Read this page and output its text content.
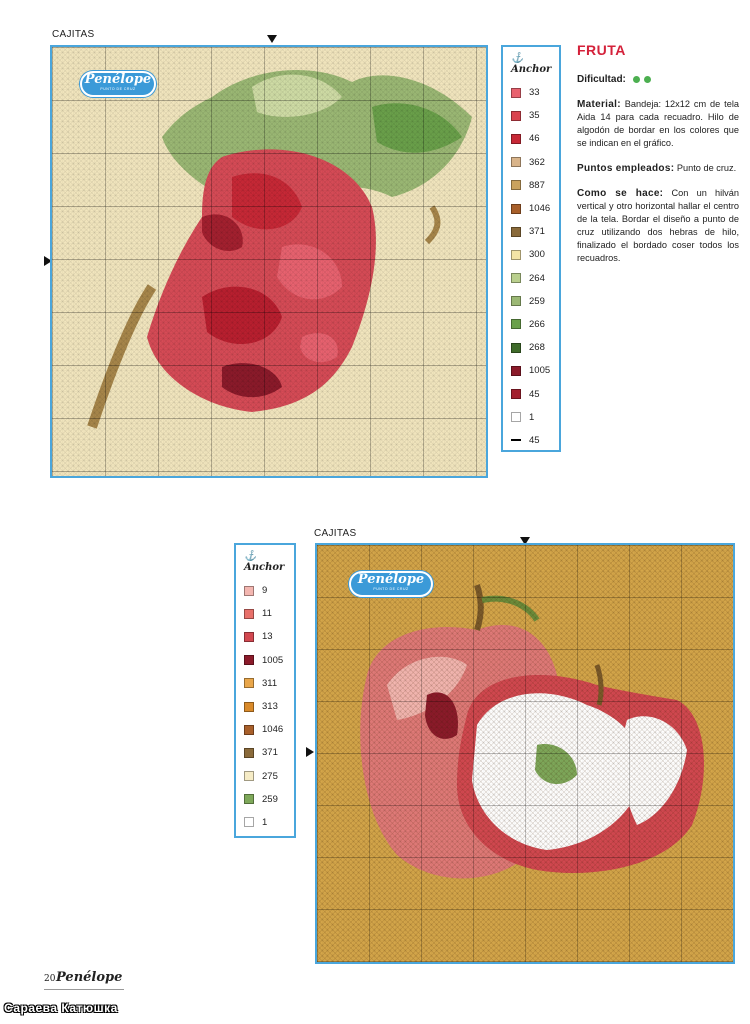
CAJITAS
Penélope
PUNTO DE CRUZ
⚓ Anchor
33
35
46
362
887
1046
371
300
264
259
266
268
1005
45
1
45
FRUTA
Dificultad:

Material: Bandeja: 12x12 cm de tela Aida 14 para cada recuadro. Hilo de algodón de bordar en los colores que se indican en el gráfico.

Puntos empleados: Punto de cruz.

Como se hace: Con un hilván vertical y otro horizontal hallar el centro de la tela. Bordar el diseño a punto de cruz utilizando dos hebras de hilo, finalizado el bordado coser todos los recuadros.

CAJITAS
⚓ Anchor
9
11
13
1005
311
313
1046
371
275
259
1
Penélope
PUNTO DE CRUZ
20 Penélope
Сараева Катюшка
